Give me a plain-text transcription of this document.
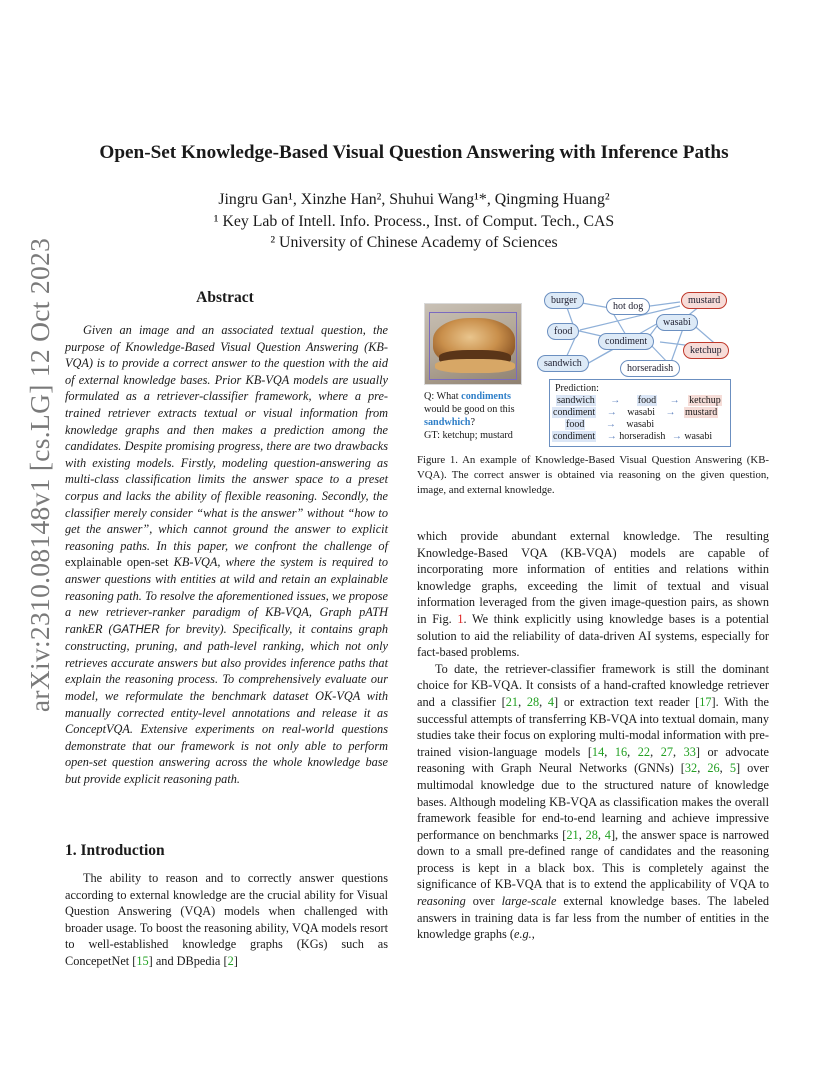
arXiv:2310.08148v1 [cs.LG] 12 Oct 2023
Open-Set Knowledge-Based Visual Question Answering with Inference Paths
Jingru Gan¹, Xinzhe Han², Shuhui Wang¹*, Qingming Huang²
¹ Key Lab of Intell. Info. Process., Inst. of Comput. Tech., CAS
² University of Chinese Academy of Sciences
Abstract

Given an image and an associated textual question, the purpose of Knowledge-Based Visual Question Answering (KB-VQA) is to provide a correct answer to the question with the aid of external knowledge bases. Prior KB-VQA models are usually formulated as a retriever-classifier framework, where a pre-trained retriever extracts textual or visual information from knowledge graphs and then makes a prediction among the candidates. Despite promising progress, there are two drawbacks with existing models. Firstly, modeling question-answering as multi-class classification limits the answer space to a preset corpus and lacks the ability of flexible reasoning. Secondly, the classifier merely consider “what is the answer” without “how to get the answer”, which cannot ground the answer to explicit reasoning paths. In this paper, we confront the challenge of explainable open-set KB-VQA, where the system is required to answer questions with entities at wild and retain an explainable reasoning path. To resolve the aforementioned issues, we propose a new retriever-ranker paradigm of KB-VQA, Graph pATH rankER (GATHER for brevity). Specifically, it contains graph constructing, pruning, and path-level ranking, which not only retrieves accurate answers but also provides inference paths that explain the reasoning process. To comprehensively evaluate our model, we reformulate the benchmark dataset OK-VQA with manually corrected entity-level annotations and release it as ConceptVQA. Extensive experiments on real-world questions demonstrate that our framework is not only able to perform open-set question answering across the whole knowledge base but provide explicit reasoning path.

1. Introduction

The ability to reason and to correctly answer questions according to external knowledge are the crucial ability for Visual Question Answering (VQA) models when challenged with broader usage. To boost the reasoning ability, VQA models resort to well-established knowledge graphs (KGs) such as ConcepetNet [15] and DBpedia [2]

burger
hot dog
mustard
wasabi
food
condiment
ketchup
sandwich	horseradish
Q: What condiments
would be good on this sandwhich?
GT: ketchup; mustard
Prediction:
sandwich → food → ketchup
condiment → wasabi → mustard
food → wasabi
condiment → horseradish → wasabi
Figure 1. An example of Knowledge-Based Visual Question Answering (KB-VQA). The correct answer is obtained via reasoning on the given question, image, and external knowledge.

which provide abundant external knowledge. The resulting Knowledge-Based VQA (KB-VQA) models are capable of incorporating more information of entities and relations within knowledge graphs, exceeding the limit of textual and visual information leveraged from the given image-question pairs, as shown in Fig. 1. We think explicitly using knowledge bases is a potential solution to aid the reliability of data-driven AI systems, especially for fact-based problems.

To date, the retriever-classifier framework is still the dominant choice for KB-VQA. It consists of a hand-crafted knowledge retriever and a classifier [21, 28, 4] or extraction text reader [17]. With the successful attempts of transferring KB-VQA into textual domain, many studies take their focus on exploring multi-modal information with pre-trained vision-language models [14, 16, 22, 27, 33] or advocate reasoning with Graph Neural Networks (GNNs) [32, 26, 5] over multimodal knowledge due to the structured nature of knowledge bases. Although modeling KB-VQA as classification makes the overall framework feasible for end-to-end learning and achieve impressive performance on benchmarks [21, 28, 4], the answer space is narrowed down to a small pre-defined range of candidates and the reasoning process is kept in a black box. This is completely against the significance of KB-VQA that is to extend the applicability of VQA to reasoning over large-scale external knowledge bases. The labeled answers in training data is far less from the number of entities in the knowledge graphs (e.g.,
